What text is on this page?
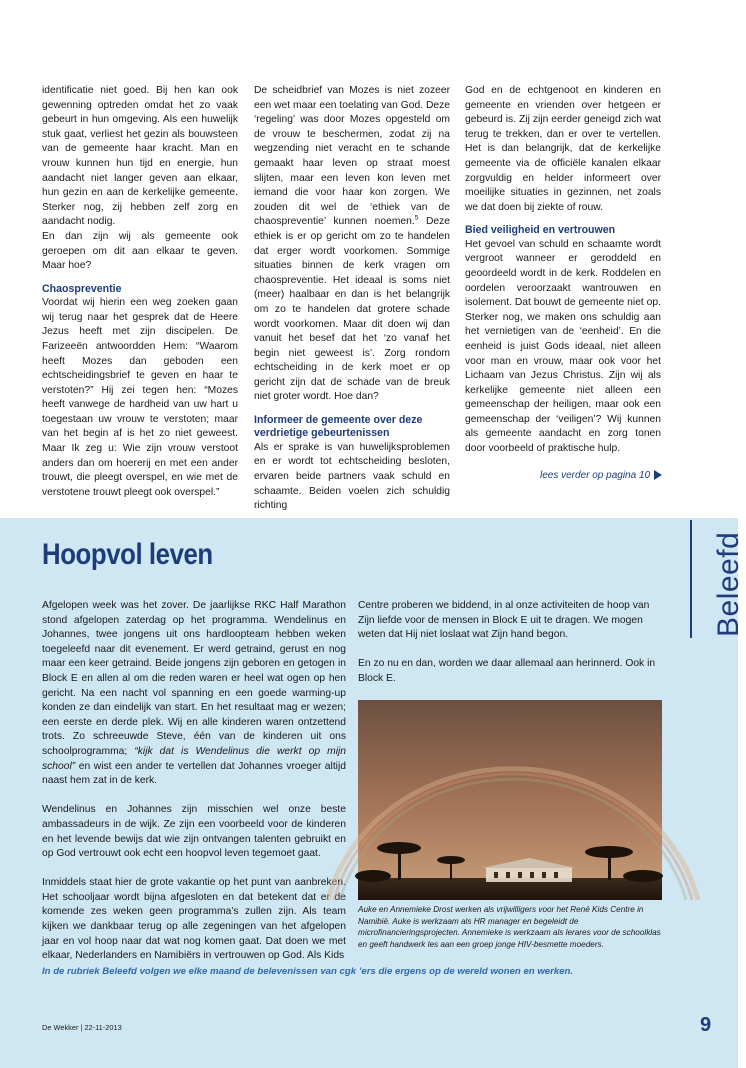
identificatie niet goed. Bij hen kan ook gewenning optreden omdat het zo vaak gebeurt in hun omgeving. Als een huwelijk stuk gaat, verliest het gezin als bouwsteen van de gemeente haar kracht. Man en vrouw kunnen hun tijd en energie, hun aandacht niet langer geven aan elkaar, hun gezin en aan de kerkelijke gemeente. Sterker nog, zij hebben zelf zorg en aandacht nodig.

En dan zijn wij als gemeente ook geroepen om dit aan elkaar te geven. Maar hoe?

Chaospreventie

Voordat wij hierin een weg zoeken gaan wij terug naar het gesprek dat de Heere Jezus heeft met zijn discipelen. De Farizeeën antwoordden Hem: “Waarom heeft Mozes dan geboden een echtscheidingsbrief te geven en haar te verstoten?” Hij zei tegen hen: “Mozes heeft vanwege de hardheid van uw hart u toegestaan uw vrouw te verstoten; maar van het begin af is het zo niet geweest. Maar Ik zeg u: Wie zijn vrouw verstoot anders dan om hoererij en met een ander trouwt, die pleegt overspel, en wie met de verstotene trouwt pleegt ook overspel.”

De scheidbrief van Mozes is niet zozeer een wet maar een toelating van God. Deze ‘regeling’ was door Mozes opgesteld om de vrouw te beschermen, zodat zij na wegzending niet veracht en te schande gemaakt haar leven op straat moest slijten, maar een leven kon leven met iemand die voor haar kon zorgen. We zouden dit wel de ‘ethiek van de chaospreventie’ kunnen noemen.$^5$ Deze ethiek is er op gericht om zo te handelen dat erger wordt voorkomen. Sommige situaties binnen de kerk vragen om chaospreventie. Het ideaal is soms niet (meer) haalbaar en dan is het belangrijk om zo te handelen dat grotere schade wordt voorkomen. Maar dit doen wij dan vanuit het besef dat het ‘zo vanaf het begin niet geweest is’. Zorg rondom echtscheiding in de kerk moet er op gericht zijn dat de schade van de breuk niet groter wordt. Hoe dan?

Informeer de gemeente over deze verdrietige gebeurtenissen

Als er sprake is van huwelijksproblemen en er wordt tot echtscheiding besloten, ervaren beide partners vaak schuld en schaamte. Beiden voelen zich schuldig richting

God en de echtgenoot en kinderen en gemeente en vrienden over hetgeen er gebeurd is. Zij zijn eerder geneigd zich wat terug te trekken, dan er over te vertellen. Het is dan belangrijk, dat de kerkelijke gemeente via de officiële kanalen elkaar zorgvuldig en helder informeert over moeilijke situaties in gezinnen, net zoals we dat doen bij ziekte of rouw.

Bied veiligheid en vertrouwen

Het gevoel van schuld en schaamte wordt vergroot wanneer er geroddeld en geoordeeld wordt in de kerk. Roddelen en oordelen veroorzaakt wantrouwen en isolement. Dat bouwt de gemeente niet op. Sterker nog, we maken ons schuldig aan het vernietigen van de ‘eenheid’. En die eenheid is juist Gods ideaal, niet alleen voor man en vrouw, maar ook voor het Lichaam van Jezus Christus. Zijn wij als kerkelijke gemeente niet alleen een gemeenschap der heiligen, maar ook een gemeenschap der ‘veiligen’? Wij kunnen als gemeente aandacht en zorg tonen door voorbeeld of praktische hulp.

lees verder op pagina 10
Hoopvol leven	Beleefd

Afgelopen week was het zover. De jaarlijkse RKC Half Marathon stond afgelopen zaterdag op het programma. Wendelinus en Johannes, twee jongens uit ons hardloopteam hebben weken toegeleefd naar dit evenement. Er werd getraind, gerust en nog maar een keer getraind. Beide jongens zijn geboren en getogen in Block E en allen al om die reden waren er heel wat ogen op hen gericht. Na een nacht vol spanning en een goede warming-up konden ze dan eindelijk van start. En het resultaat mag er wezen; een eerste en derde plek. Wij en alle kinderen waren ontzettend trots. Zo schreeuwde Steve, één van de kinderen uit ons schoolprogramma; “kijk dat is Wendelinus die werkt op mijn school” en wist een ander te vertellen dat Johannes vroeger altijd naast hem zat in de kerk.

Wendelinus en Johannes zijn misschien wel onze beste ambassadeurs in de wijk. Ze zijn een voorbeeld voor de kinderen en het levende bewijs dat wie zijn ontvangen talenten gebruikt en op God vertrouwt ook echt een hoopvol leven tegemoet gaat.

Inmiddels staat hier de grote vakantie op het punt van aanbreken. Het schooljaar wordt bijna afgesloten en dat betekent dat er de komende zes weken geen programma’s zullen zijn. Als team kijken we dankbaar terug op alle zegeningen van het afgelopen jaar en vol hoop naar dat wat nog komen gaat. Dat doen we met elkaar, Nederlanders en Namibiërs in vertrouwen op God. Als Kids

Centre proberen we biddend, in al onze activiteiten de hoop van Zijn liefde voor de mensen in Block E uit te dragen. We mogen weten dat Hij niet loslaat wat Zijn hand begon.

En zo nu en dan, worden we daar allemaal aan herinnerd. Ook in Block E.

Auke en Annemieke Drost werken als vrijwilligers voor het René Kids Centre in Namibië. Auke is werkzaam als HR manager en begeleidt de microfinancieringsprojecten. Annemieke is werkzaam als lerares voor de schoolklas en geeft handwerk les aan een groep jonge HIV-besmette moeders.
In de rubriek Beleefd volgen we elke maand de belevenissen van cgk ’ers die ergens op de wereld wonen en werken.
De Wekker | 22-11-2013	9
